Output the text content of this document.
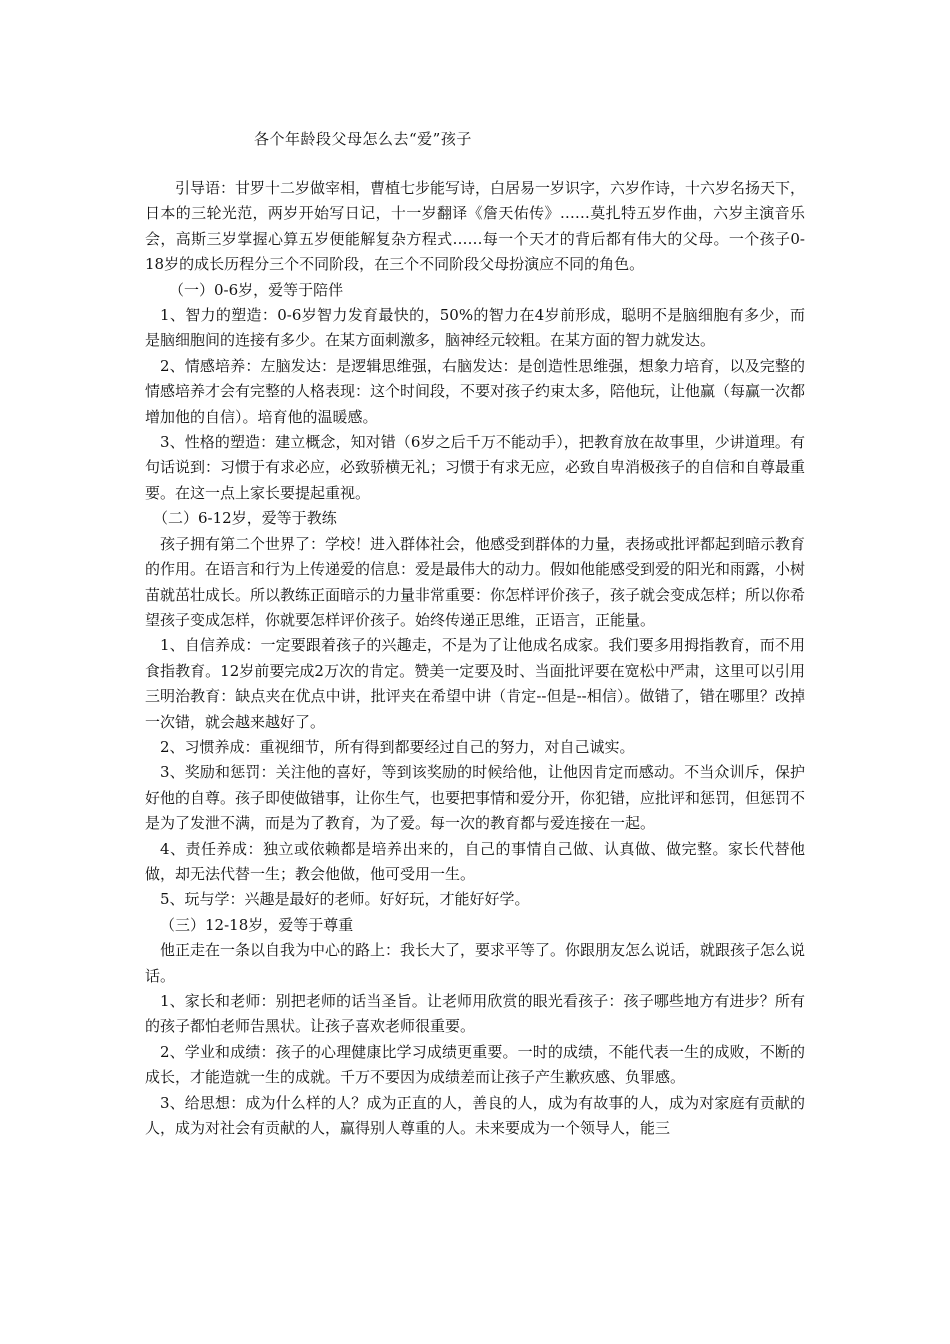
各个年龄段父母怎么去“爱”孩子

引导语：甘罗十二岁做宰相，曹植七步能写诗，白居易一岁识字，六岁作诗，十六岁名扬天下，日本的三轮光范，两岁开始写日记，十一岁翻译《詹天佑传》……莫扎特五岁作曲，六岁主演音乐会，高斯三岁掌握心算五岁便能解复杂方程式……每一个天才的背后都有伟大的父母。一个孩子0-18岁的成长历程分三个不同阶段，在三个不同阶段父母扮演应不同的角色。

（一）0-6岁，爱等于陪伴

1、智力的塑造：0-6岁智力发育最快的，50%的智力在4岁前形成，聪明不是脑细胞有多少，而是脑细胞间的连接有多少。在某方面刺激多，脑神经元较粗。在某方面的智力就发达。

2、情感培养：左脑发达：是逻辑思维强，右脑发达：是创造性思维强，想象力培育，以及完整的情感培养才会有完整的人格表现：这个时间段，不要对孩子约束太多，陪他玩，让他赢（每赢一次都增加他的自信）。培育他的温暖感。

3、性格的塑造：建立概念，知对错（6岁之后千万不能动手），把教育放在故事里，少讲道理。有句话说到：习惯于有求必应，必致骄横无礼；习惯于有求无应，必致自卑消极孩子的自信和自尊最重要。在这一点上家长要提起重视。

（二）6-12岁，爱等于教练

孩子拥有第二个世界了：学校！进入群体社会，他感受到群体的力量，表扬或批评都起到暗示教育的作用。在语言和行为上传递爱的信息：爱是最伟大的动力。假如他能感受到爱的阳光和雨露，小树苗就茁壮成长。所以教练正面暗示的力量非常重要：你怎样评价孩子，孩子就会变成怎样；所以你希望孩子变成怎样，你就要怎样评价孩子。始终传递正思维，正语言，正能量。

1、自信养成：一定要跟着孩子的兴趣走，不是为了让他成名成家。我们要多用拇指教育，而不用食指教育。12岁前要完成2万次的肯定。赞美一定要及时、当面批评要在宽松中严肃，这里可以引用三明治教育：缺点夹在优点中讲，批评夹在希望中讲（肯定--但是--相信）。做错了，错在哪里？改掉一次错，就会越来越好了。

2、习惯养成：重视细节，所有得到都要经过自己的努力，对自己诚实。

3、奖励和惩罚：关注他的喜好，等到该奖励的时候给他，让他因肯定而感动。不当众训斥，保护好他的自尊。孩子即使做错事，让你生气，也要把事情和爱分开，你犯错，应批评和惩罚，但惩罚不是为了发泄不满，而是为了教育，为了爱。每一次的教育都与爱连接在一起。

4、责任养成：独立或依赖都是培养出来的，自己的事情自己做、认真做、做完整。家长代替他做，却无法代替一生；教会他做，他可受用一生。

5、玩与学：兴趣是最好的老师。好好玩，才能好好学。

（三）12-18岁，爱等于尊重

他正走在一条以自我为中心的路上：我长大了，要求平等了。你跟朋友怎么说话，就跟孩子怎么说话。

1、家长和老师：别把老师的话当圣旨。让老师用欣赏的眼光看孩子：孩子哪些地方有进步？所有的孩子都怕老师告黑状。让孩子喜欢老师很重要。

2、学业和成绩：孩子的心理健康比学习成绩更重要。一时的成绩，不能代表一生的成败，不断的成长，才能造就一生的成就。千万不要因为成绩差而让孩子产生歉疚感、负罪感。

3、给思想：成为什么样的人？成为正直的人，善良的人，成为有故事的人，成为对家庭有贡献的人，成为对社会有贡献的人，赢得别人尊重的人。未来要成为一个领导人，能三
